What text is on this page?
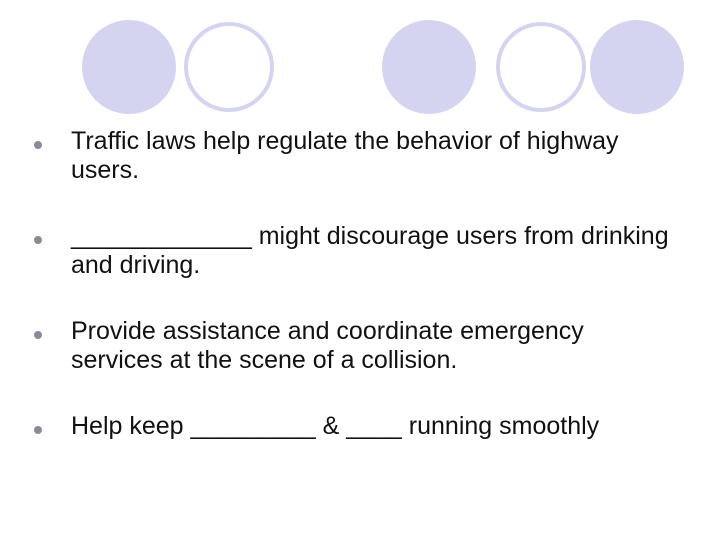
Traffic laws help regulate the behavior of highway users.
_____________ might discourage users from drinking and driving.
Provide assistance and coordinate emergency services at the scene of a collision.
Help keep _________ & ____ running smoothly
